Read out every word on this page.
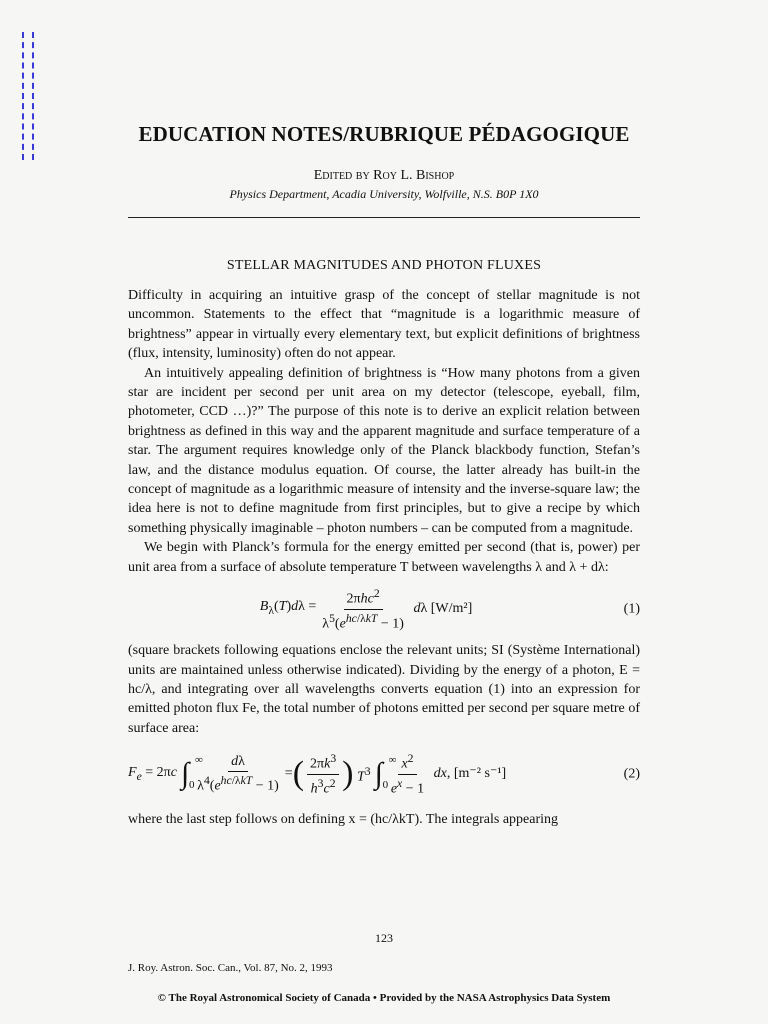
EDUCATION NOTES/RUBRIQUE PÉDAGOGIQUE
Edited by Roy L. Bishop
Physics Department, Acadia University, Wolfville, N.S. B0P 1X0
STELLAR MAGNITUDES AND PHOTON FLUXES

Difficulty in acquiring an intuitive grasp of the concept of stellar magnitude is not uncommon. Statements to the effect that “magnitude is a logarithmic measure of brightness” appear in virtually every elementary text, but explicit definitions of brightness (flux, intensity, luminosity) often do not appear.

An intuitively appealing definition of brightness is “How many photons from a given star are incident per second per unit area on my detector (telescope, eyeball, film, photometer, CCD …)?” The purpose of this note is to derive an explicit relation between brightness as defined in this way and the apparent magnitude and surface temperature of a star. The argument requires knowledge only of the Planck blackbody function, Stefan’s law, and the distance modulus equation. Of course, the latter already has built-in the concept of magnitude as a logarithmic measure of intensity and the inverse-square law; the idea here is not to define magnitude from first principles, but to give a recipe by which something physically imaginable – photon numbers – can be computed from a magnitude.

We begin with Planck’s formula for the energy emitted per second (that is, power) per unit area from a surface of absolute temperature T between wavelengths λ and λ + dλ:

$B_\lambda(T)d\lambda = \frac{2\pi hc^2}{\lambda^5(e^{hc/\lambda kT} - 1)}$ dλ [W/m²]	(1)

(square brackets following equations enclose the relevant units; SI (Système International) units are maintained unless otherwise indicated). Dividing by the energy of a photon, E = hc/λ, and integrating over all wavelengths converts equation (1) into an expression for emitted photon flux Fe, the total number of photons emitted per second per square metre of surface area:

$F_e = 2\pi c$ ∫ ∞
$0 \frac{d\lambda}{\lambda^4(e^{hc/\lambda kT} - 1)}$ = ( $\frac{2\pi k^3}{h^3c^2}$ ) $T^3$ ∫ ∞
$0 \frac{x^2}{e^x - 1}$ dx, [m⁻² s⁻¹]	(2)

where the last step follows on defining x = (hc/λkT). The integrals appearing

123
J. Roy. Astron. Soc. Can., Vol. 87, No. 2, 1993
© The Royal Astronomical Society of Canada • Provided by the NASA Astrophysics Data System
